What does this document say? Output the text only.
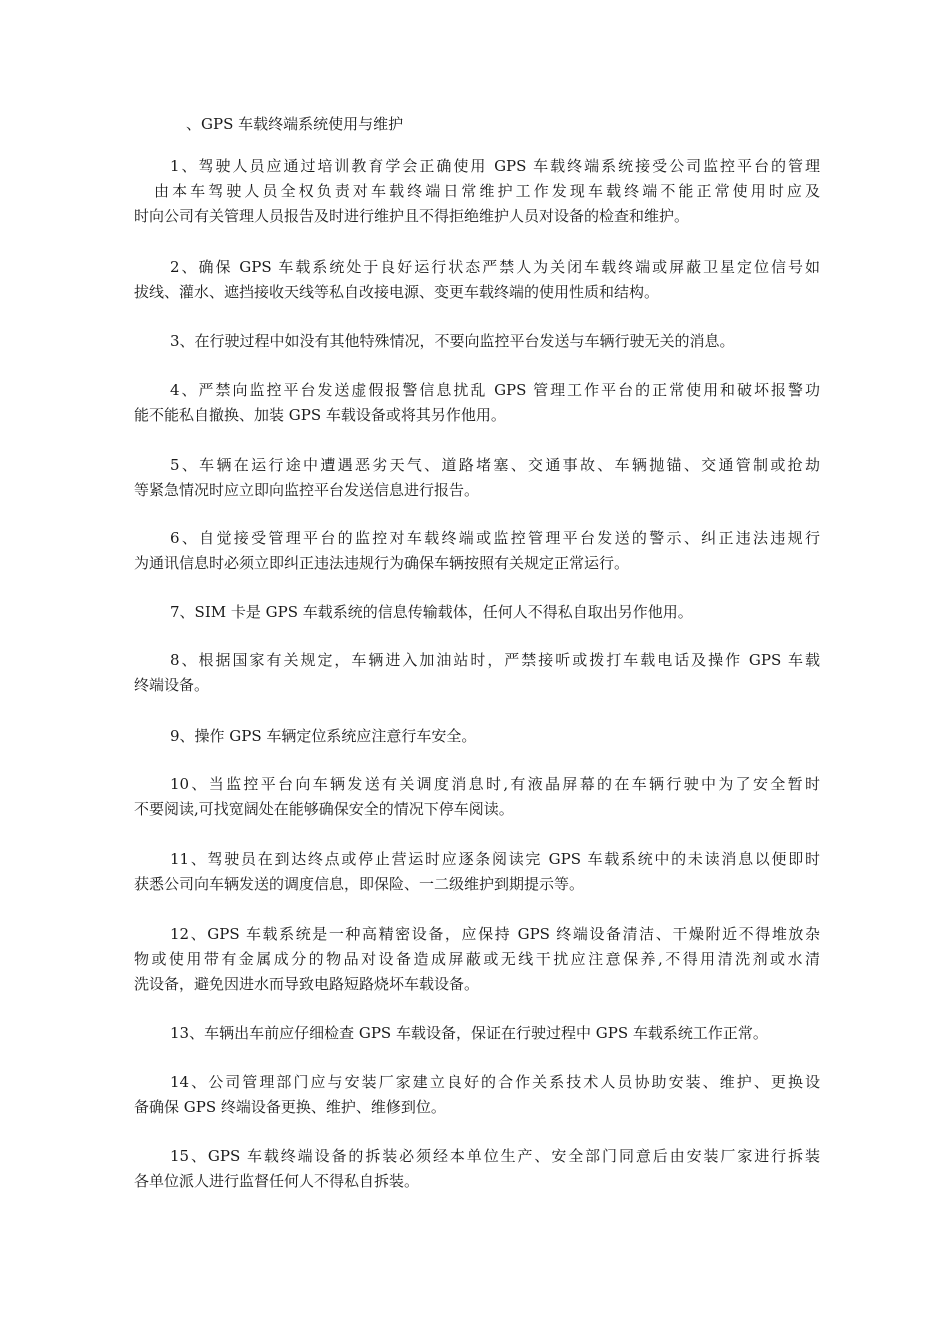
、GPS 车载终端系统使用与维护
1、驾驶人员应通过培训教育学会正确使用 GPS 车载终端系统接受公司监控平台的管理
由本车驾驶人员全权负责对车载终端日常维护工作发现车载终端不能正常使用时应及
时向公司有关管理人员报告及时进行维护且不得拒绝维护人员对设备的检查和维护。
2、确保 GPS 车载系统处于良好运行状态严禁人为关闭车载终端或屏蔽卫星定位信号如
拔线、灌水、遮挡接收天线等私自改接电源、变更车载终端的使用性质和结构。
3、在行驶过程中如没有其他特殊情况，不要向监控平台发送与车辆行驶无关的消息。
4、严禁向监控平台发送虚假报警信息扰乱 GPS 管理工作平台的正常使用和破坏报警功
能不能私自撤换、加装 GPS 车载设备或将其另作他用。
5、车辆在运行途中遭遇恶劣天气、道路堵塞、交通事故、车辆抛锚、交通管制或抢劫
等紧急情况时应立即向监控平台发送信息进行报告。
6、自觉接受管理平台的监控对车载终端或监控管理平台发送的警示、纠正违法违规行
为通讯信息时必须立即纠正违法违规行为确保车辆按照有关规定正常运行。
7、SIM 卡是 GPS 车载系统的信息传输载体，任何人不得私自取出另作他用。
8、根据国家有关规定，车辆进入加油站时，严禁接听或拨打车载电话及操作 GPS 车载
终端设备。
9、操作 GPS 车辆定位系统应注意行车安全。
10、当监控平台向车辆发送有关调度消息时,有液晶屏幕的在车辆行驶中为了安全暂时
不要阅读,可找宽阔处在能够确保安全的情况下停车阅读。
11、驾驶员在到达终点或停止营运时应逐条阅读完 GPS 车载系统中的未读消息以便即时
获悉公司向车辆发送的调度信息，即保险、一二级维护到期提示等。
12、GPS 车载系统是一种高精密设备，应保持 GPS 终端设备清洁、干燥附近不得堆放杂
物或使用带有金属成分的物品对设备造成屏蔽或无线干扰应注意保养,不得用清洗剂或水清
洗设备，避免因进水而导致电路短路烧坏车载设备。
13、车辆出车前应仔细检查 GPS 车载设备，保证在行驶过程中 GPS 车载系统工作正常。
14、公司管理部门应与安装厂家建立良好的合作关系技术人员协助安装、维护、更换设
备确保 GPS 终端设备更换、维护、维修到位。
15、GPS 车载终端设备的拆装必须经本单位生产、安全部门同意后由安装厂家进行拆装
各单位派人进行监督任何人不得私自拆装。
